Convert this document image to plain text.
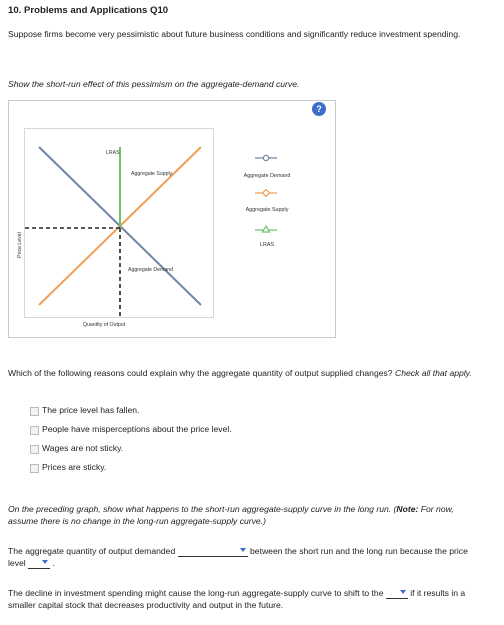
10. Problems and Applications Q10
Suppose firms become very pessimistic about future business conditions and significantly reduce investment spending.
Show the short-run effect of this pessimism on the aggregate-demand curve.
?
LRAS
Aggregate Supply
Aggregate Demand
Quantity of Output
Price Level
Aggregate Demand
Aggregate Supply
LRAS
Which of the following reasons could explain why the aggregate quantity of output supplied changes? Check all that apply.
The price level has fallen.
People have misperceptions about the price level.
Wages are not sticky.
Prices are sticky.
On the preceding graph, show what happens to the short-run aggregate-supply curve in the long run. (Note: For now, assume there is no change in the long-run aggregate-supply curve.)
The aggregate quantity of output demanded	between the short run and the long run because the price level	.
The decline in investment spending might cause the long-run aggregate-supply curve to shift to the	if it results in a smaller capital stock that decreases productivity and output in the future.
